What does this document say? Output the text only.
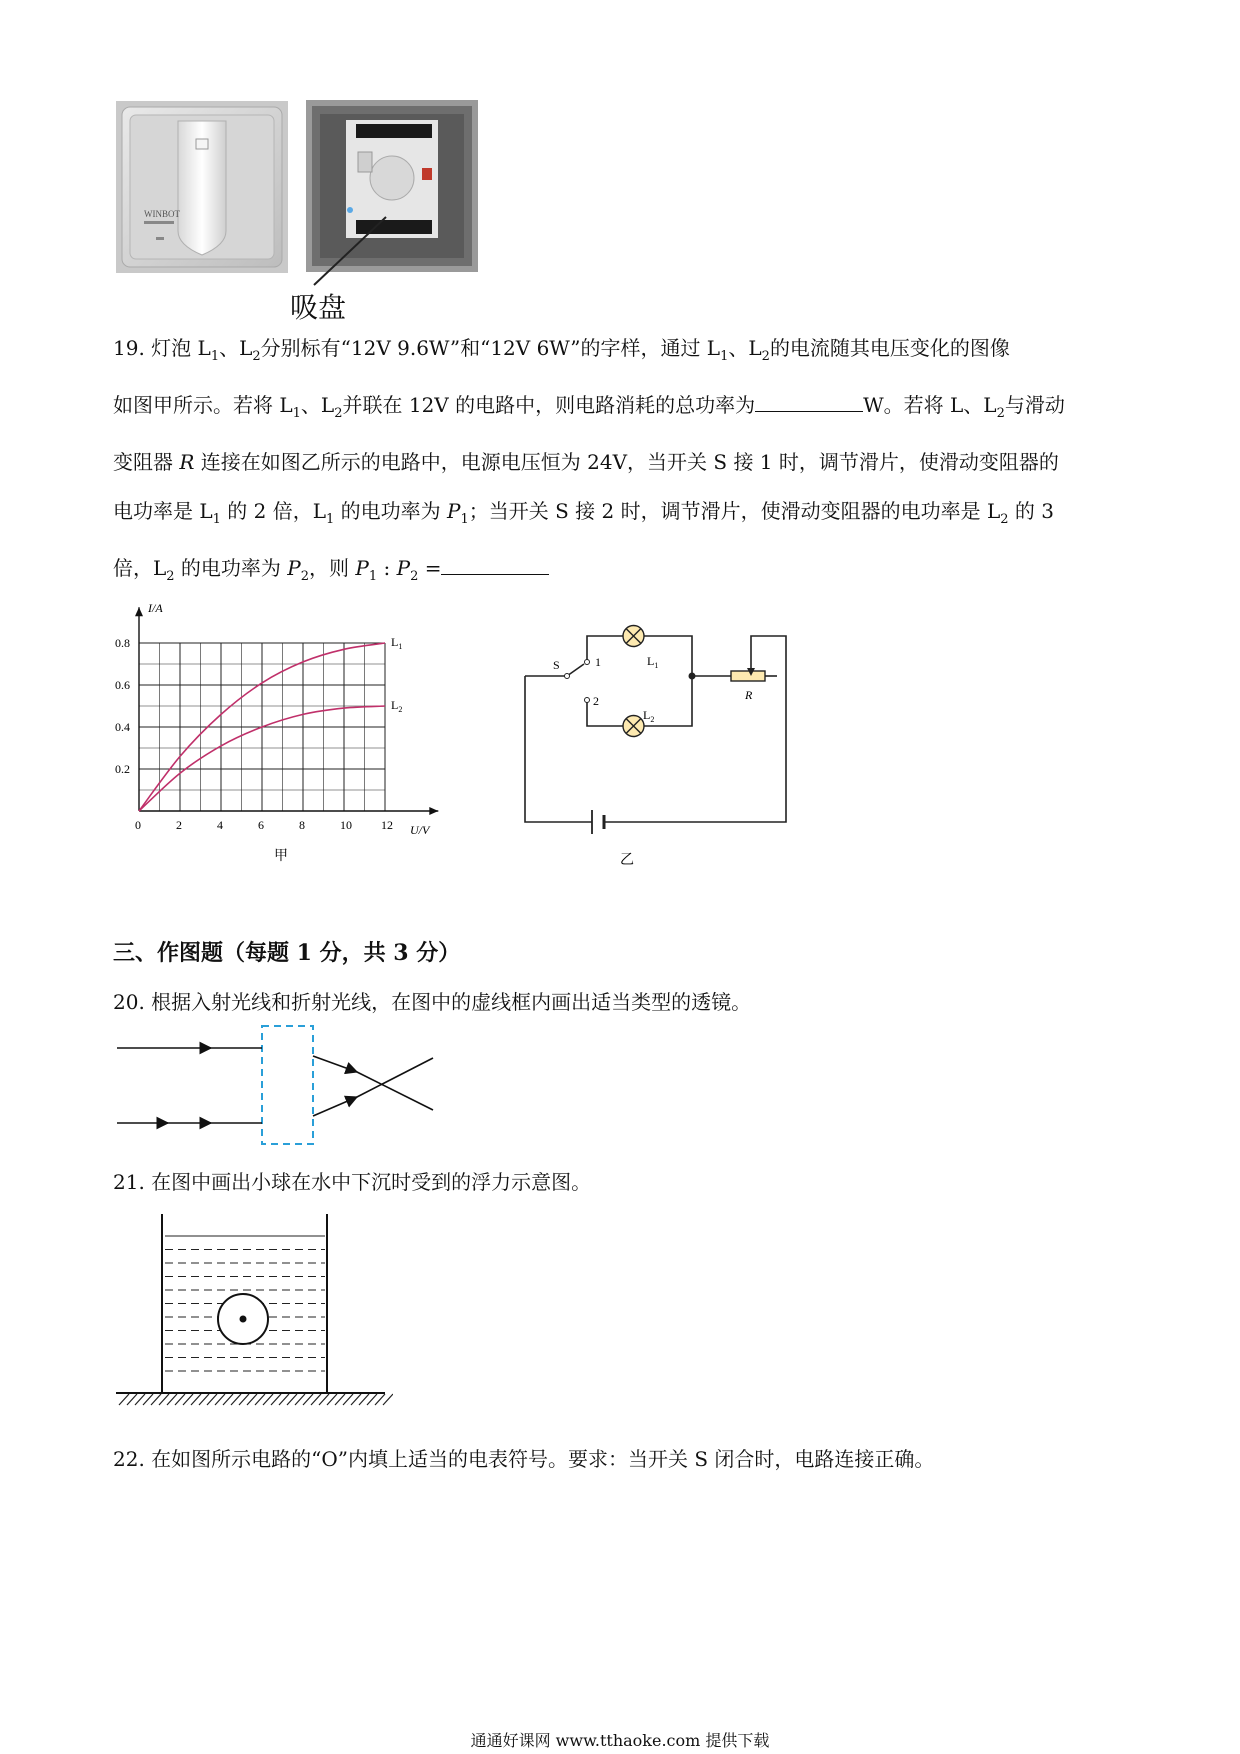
WINBOT
吸盘
19. 灯泡 $L_1$、$L_2$分别标有“12V 9.6W”和“12V 6W”的字样，通过 $L_1$、$L_2$的电流随其电压变化的图像
如图甲所示。若将 $L_1$、$L_2$并联在 12V 的电路中，则电路消耗的总功率为	W。若将 L、$L_2$与滑动
变阻器 R 连接在如图乙所示的电路中，电源电压恒为 24V，当开关 S 接 1 时，调节滑片，使滑动变阻器的
电功率是 $L_1$ 的 2 倍，$L_1$ 的电功率为 $P_1$；当开关 S 接 2 时，调节滑片，使滑动变阻器的电功率是 $L_2$ 的 3
倍，$L_2$ 的电功率为 $P_2$，则 $P_1$ : $P_2$ =
0	2	4	6	8	10 12
0.2
0.4
0.6
0.8	$L_1$
$L_2$
I/A
U/V
甲
S	1
2
$L_1$
$L_2$
R
乙
三、作图题（每题 1 分，共 3 分）
20. 根据入射光线和折射光线，在图中的虚线框内画出适当类型的透镜。
21. 在图中画出小球在水中下沉时受到的浮力示意图。
22. 在如图所示电路的“O”内填上适当的电表符号。要求：当开关 S 闭合时，电路连接正确。
通通好课网 www.tthaoke.com 提供下载
